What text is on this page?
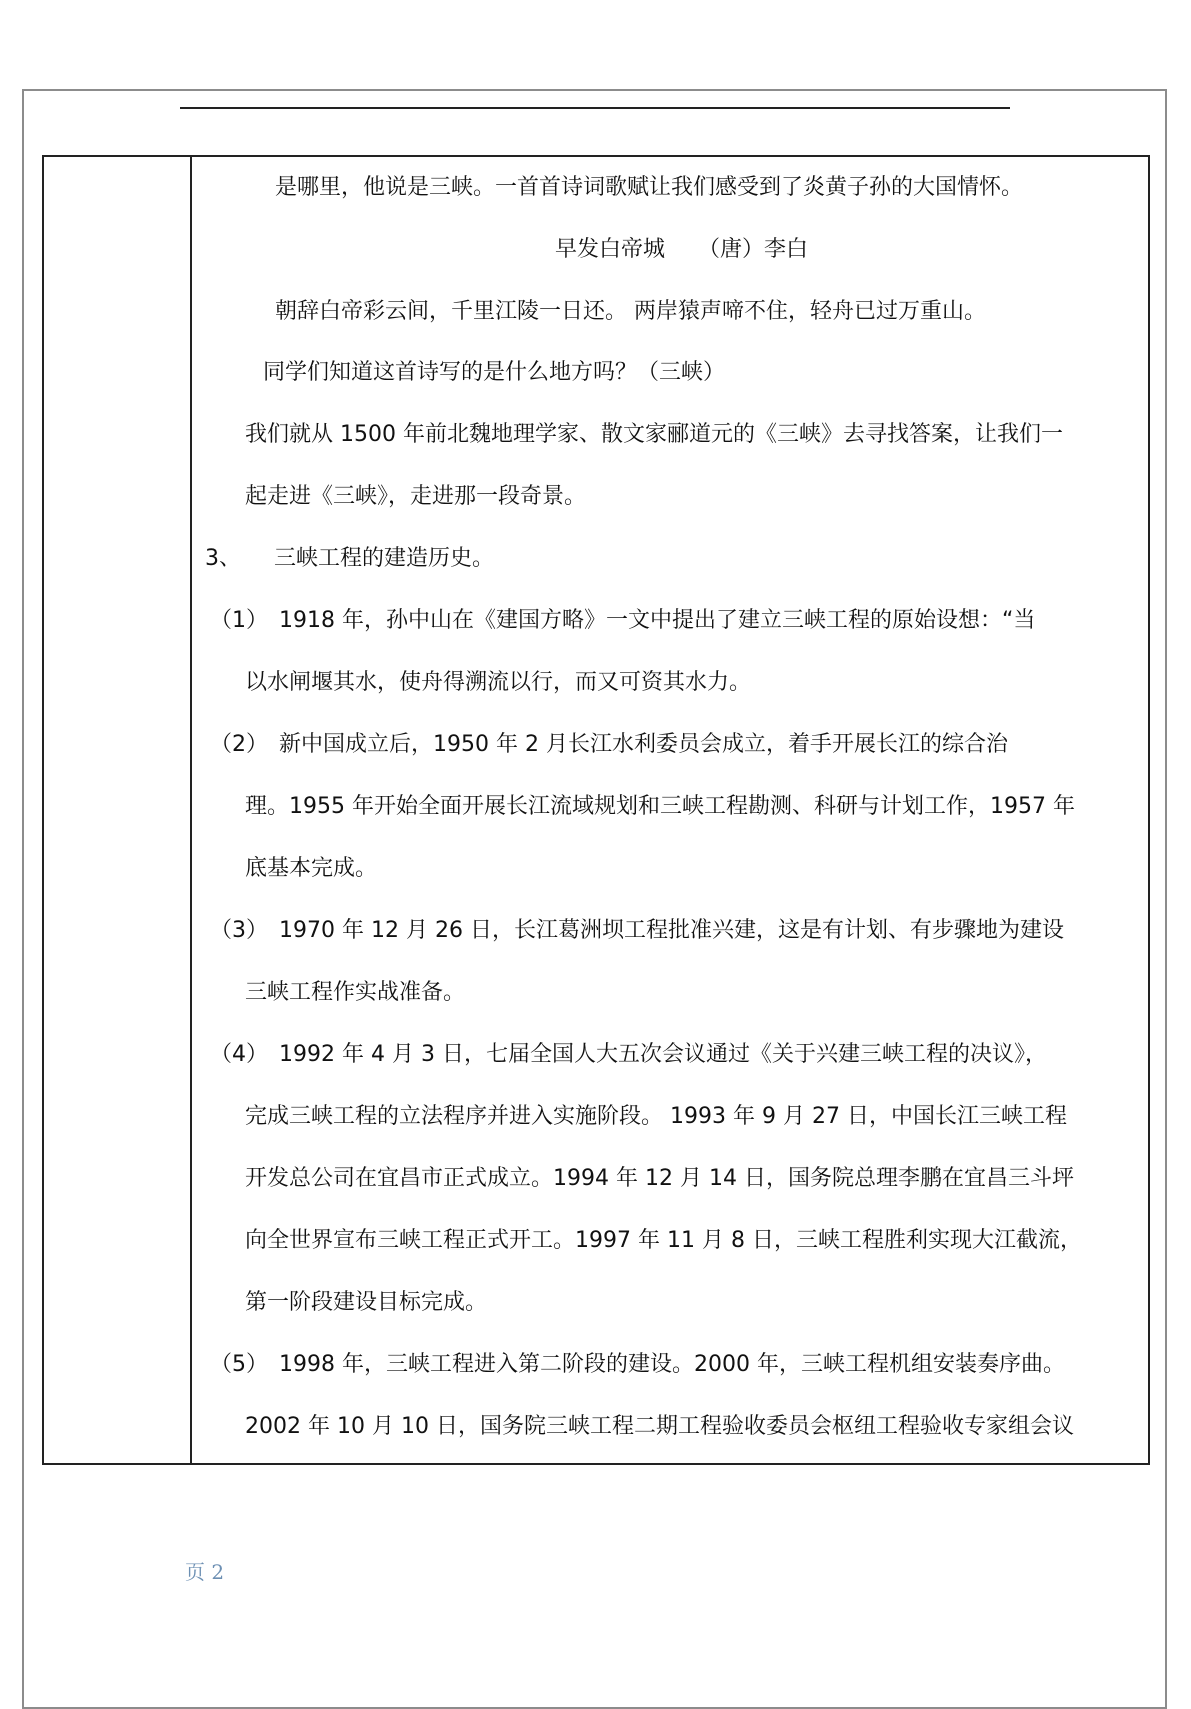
是哪里，他说是三峡。一首首诗词歌赋让我们感受到了炎黄子孙的大国情怀。
早发白帝城　　（唐）李白
朝辞白帝彩云间，千里江陵一日还。 两岸猿声啼不住，轻舟已过万重山。
同学们知道这首诗写的是什么地方吗？（三峡）
我们就从 1500 年前北魏地理学家、散文家郦道元的《三峡》去寻找答案，让我们一
起走进《三峡》，走进那一段奇景。
3、　　三峡工程的建造历史。
（1）　1918 年，孙中山在《建国方略》一文中提出了建立三峡工程的原始设想：“当
以水闸堰其水，使舟得溯流以行，而又可资其水力。
（2）　新中国成立后，1950 年 2 月长江水利委员会成立，着手开展长江的综合治
理。1955 年开始全面开展长江流域规划和三峡工程勘测、科研与计划工作，1957 年
底基本完成。
（3）　1970 年 12 月 26 日，长江葛洲坝工程批准兴建，这是有计划、有步骤地为建设
三峡工程作实战准备。
（4）　1992 年 4 月 3 日，七届全国人大五次会议通过《关于兴建三峡工程的决议》，
完成三峡工程的立法程序并进入实施阶段。 1993 年 9 月 27 日，中国长江三峡工程
开发总公司在宜昌市正式成立。1994 年 12 月 14 日，国务院总理李鹏在宜昌三斗坪
向全世界宣布三峡工程正式开工。1997 年 11 月 8 日，三峡工程胜利实现大江截流，
第一阶段建设目标完成。
（5）　1998 年，三峡工程进入第二阶段的建设。2000 年，三峡工程机组安装奏序曲。
2002 年 10 月 10 日，国务院三峡工程二期工程验收委员会枢纽工程验收专家组会议
页 2
